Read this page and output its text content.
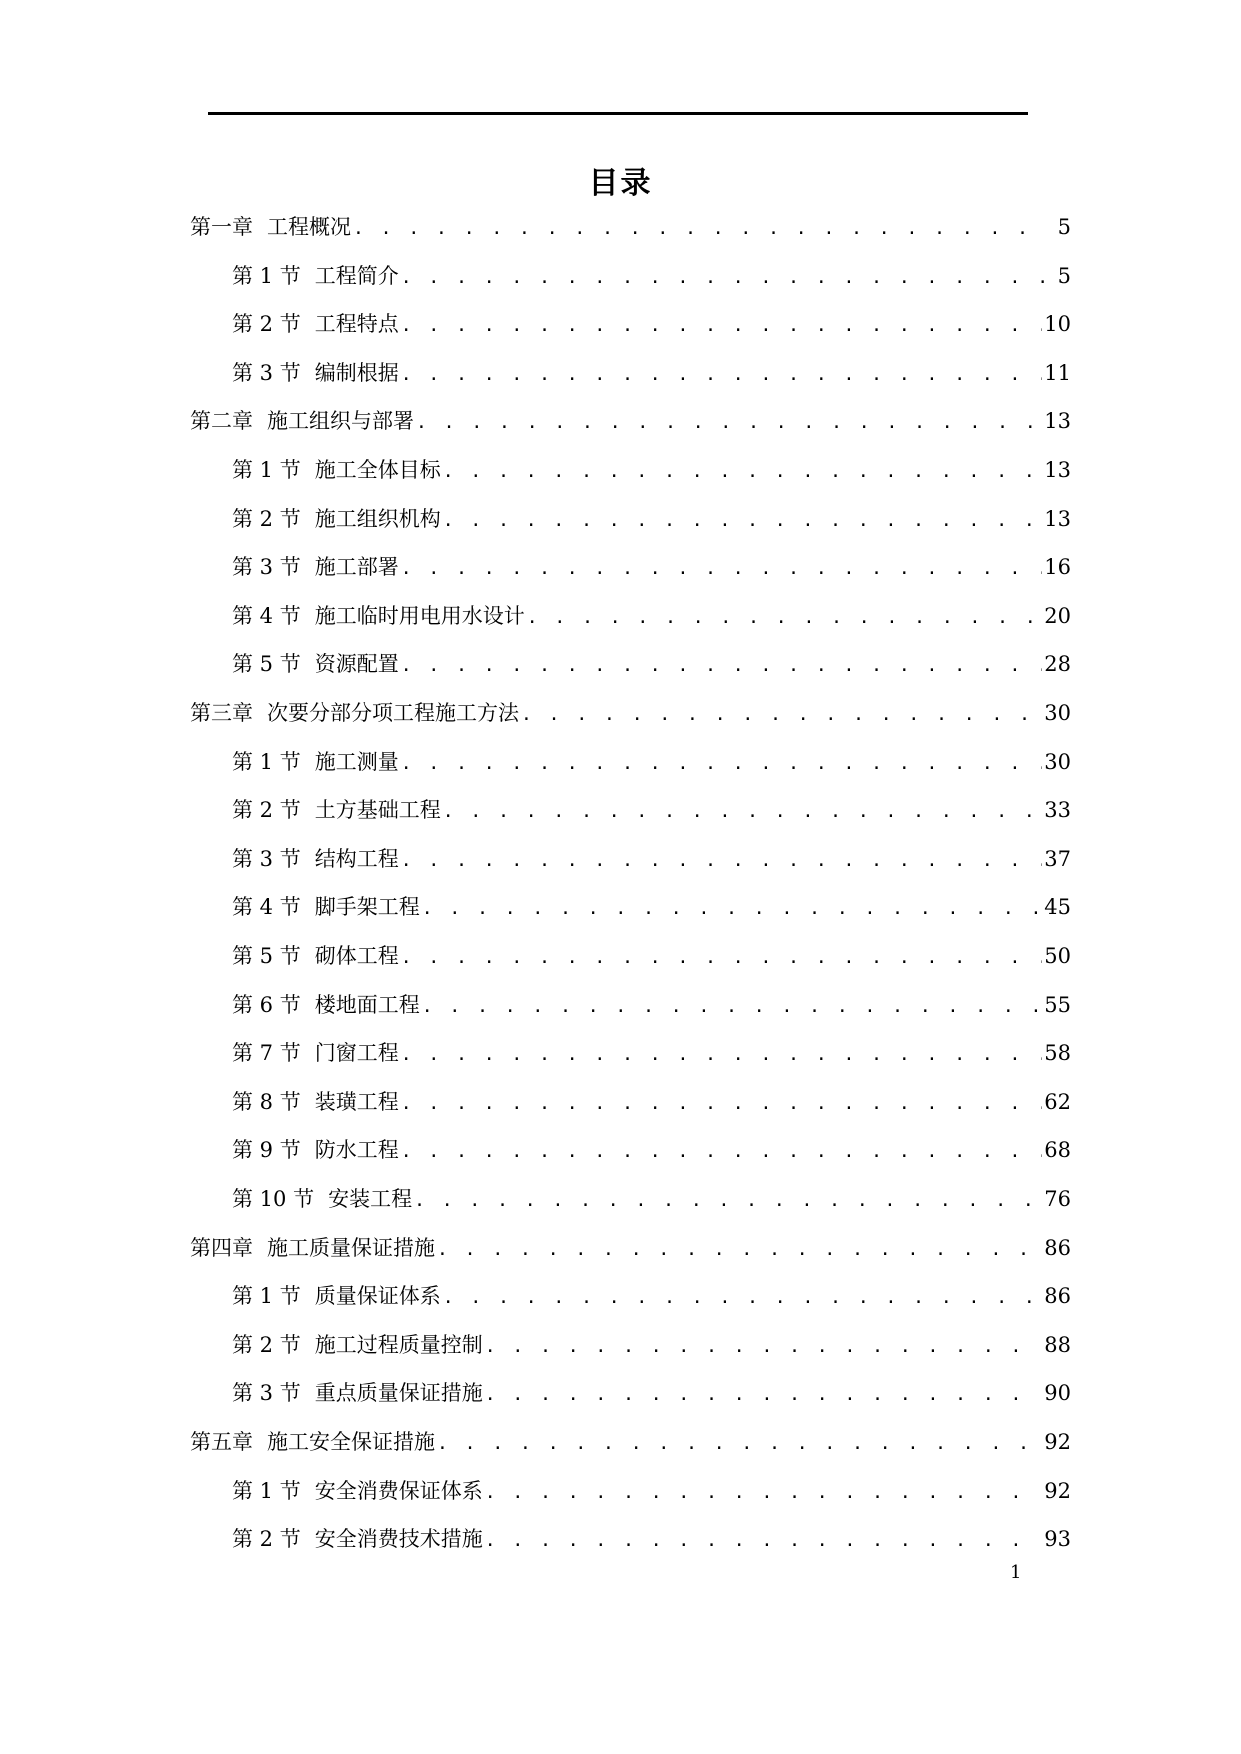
目录
第一章 工程概况 . . .	5
第 1 节 工程简介 . . .	5
第 2 节 工程特点 . . .	10
第 3 节 编制根据 . . .	11
第二章 施工组织与部署 . . .	13
第 1 节 施工全体目标 . . .	13
第 2 节 施工组织机构 . . .	13
第 3 节 施工部署 . . .	16
第 4 节 施工临时用电用水设计 . . .	20
第 5 节 资源配置 . . .	28
第三章 次要分部分项工程施工方法 . . .	30
第 1 节 施工测量 . . .	30
第 2 节 土方基础工程 . . .	33
第 3 节 结构工程 . . .	37
第 4 节 脚手架工程 . . .	45
第 5 节 砌体工程 . . .	50
第 6 节 楼地面工程 . . .	55
第 7 节 门窗工程 . . .	58
第 8 节 装璜工程 . . .	62
第 9 节 防水工程 . . .	68
第 10 节 安装工程 . . .	76
第四章 施工质量保证措施 . . .	86
第 1 节 质量保证体系 . . .	86
第 2 节 施工过程质量控制 . . .	88
第 3 节 重点质量保证措施 . . .	90
第五章 施工安全保证措施 . . .	92
第 1 节 安全消费保证体系 . . .	92
第 2 节 安全消费技术措施 . . .	93
1
